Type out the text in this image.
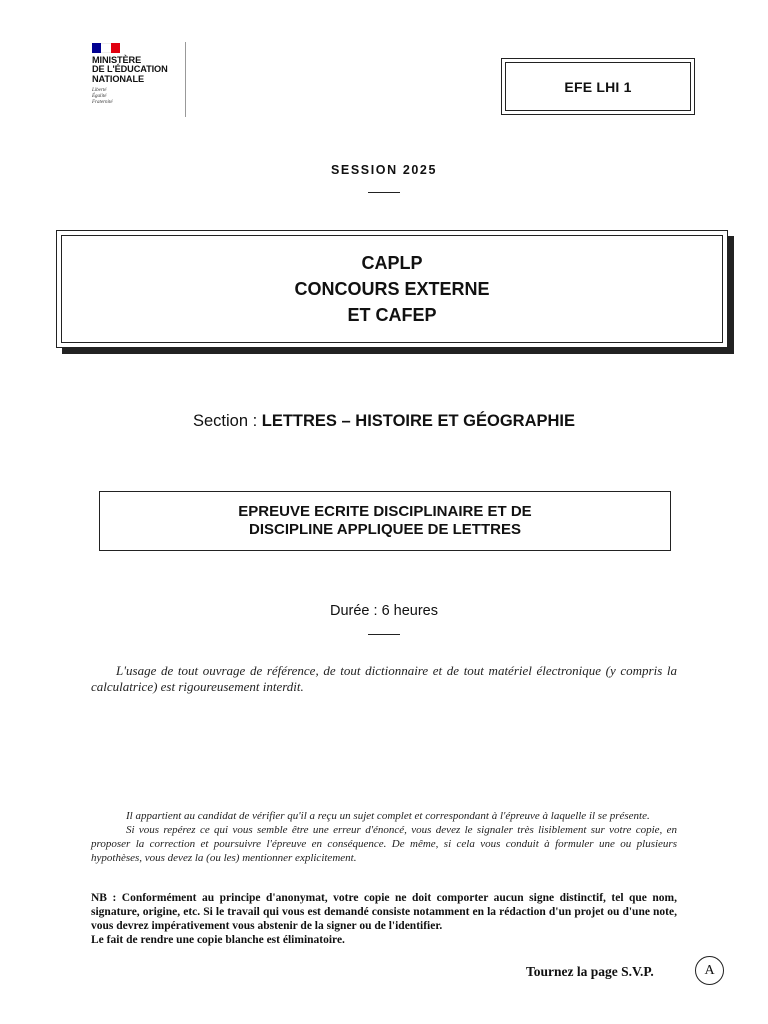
MINISTÈRE
DE L'ÉDUCATION
NATIONALE
Liberté
Égalité
Fraternité
EFE LHI 1
SESSION 2025
CAPLP
CONCOURS EXTERNE
ET CAFEP
Section : LETTRES – HISTOIRE ET GÉOGRAPHIE
EPREUVE ECRITE DISCIPLINAIRE ET DE
DISCIPLINE APPLIQUEE DE LETTRES
Durée : 6 heures

L'usage de tout ouvrage de référence, de tout dictionnaire et de tout matériel électronique (y compris la calculatrice) est rigoureusement interdit.

Il appartient au candidat de vérifier qu'il a reçu un sujet complet et correspondant à l'épreuve à laquelle il se présente.

Si vous repérez ce qui vous semble être une erreur d'énoncé, vous devez le signaler très lisiblement sur votre copie, en proposer la correction et poursuivre l'épreuve en conséquence. De même, si cela vous conduit à formuler une ou plusieurs hypothèses, vous devez la (ou les) mentionner explicitement.

NB : Conformément au principe d'anonymat, votre copie ne doit comporter aucun signe distinctif, tel que nom, signature, origine, etc. Si le travail qui vous est demandé consiste notamment en la rédaction d'un projet ou d'une note, vous devrez impérativement vous abstenir de la signer ou de l'identifier.

Le fait de rendre une copie blanche est éliminatoire.

Tournez la page S.V.P.	A
